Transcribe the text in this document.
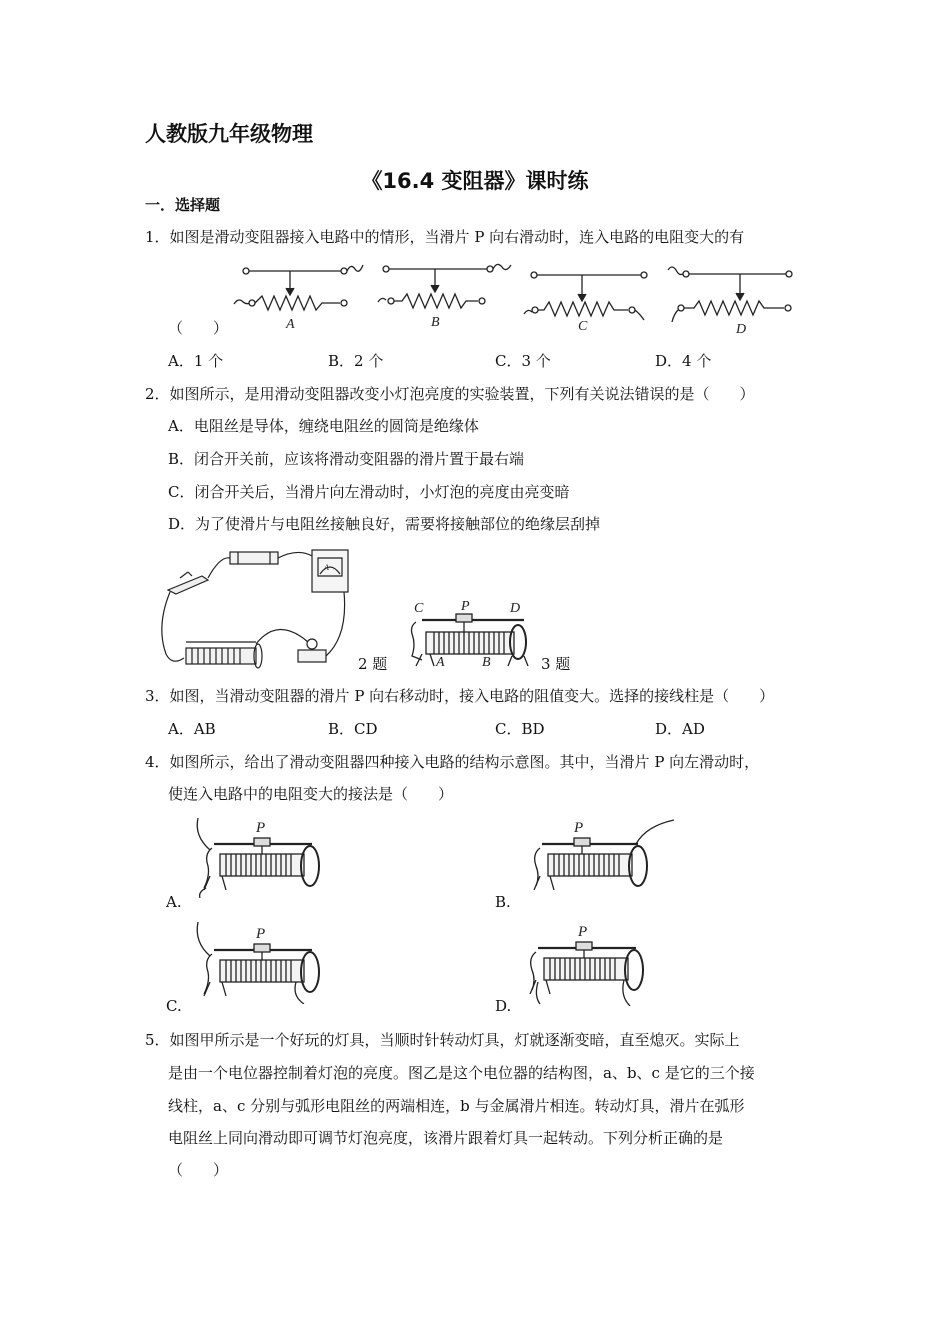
人教版九年级物理
《16.4 变阻器》课时练
一．选择题
1．如图是滑动变阻器接入电路中的情形，当滑片 P 向右滑动时，连入电路的电阻变大的有
A	B	C	D
（　　）
A．1 个	B．2 个	C．3 个	D．4 个
2．如图所示，是用滑动变阻器改变小灯泡亮度的实验装置，下列有关说法错误的是（　　）
A．电阻丝是导体，缠绕电阻丝的圆筒是绝缘体
B．闭合开关前，应该将滑动变阻器的滑片置于最右端
C．闭合开关后，当滑片向左滑动时，小灯泡的亮度由亮变暗
D．为了使滑片与电阻丝接触良好，需要将接触部位的绝缘层刮掉
A
2 题
C	P	D
A	B	3 题
3．如图，当滑动变阻器的滑片 P 向右移动时，接入电路的阻值变大。选择的接线柱是（　　）
A．AB	B．CD	C．BD	D．AD
4．如图所示，给出了滑动变阻器四种接入电路的结构示意图。其中，当滑片 P 向左滑动时，
使连入电路中的电阻变大的接法是（　　）
P
A.
P
B.
P
C.
P
D.
5．如图甲所示是一个好玩的灯具，当顺时针转动灯具，灯就逐渐变暗，直至熄灭。实际上
是由一个电位器控制着灯泡的亮度。图乙是这个电位器的结构图，a、b、c 是它的三个接
线柱，a、c 分别与弧形电阻丝的两端相连，b 与金属滑片相连。转动灯具，滑片在弧形
电阻丝上同向滑动即可调节灯泡亮度，该滑片跟着灯具一起转动。下列分析正确的是
（　　）
